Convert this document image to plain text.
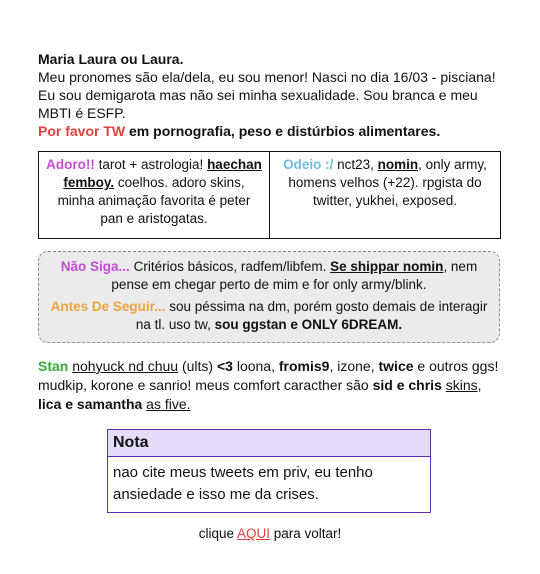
Maria Laura ou Laura.

Meu pronomes são ela/dela, eu sou menor! Nasci no dia 16/03 - pisciana! Eu sou demigarota mas não sei minha sexualidade. Sou branca e meu MBTI é ESFP.

Por favor TW em pornografia, peso e distúrbios alimentares.

Adoro!! tarot + astrologia! haechan femboy. coelhos. adoro skins, minha animação favorita é peter pan e aristogatas.
Odeio :/ nct23, nomin, only army, homens velhos (+22). rpgista do twitter, yukhei, exposed.

Não Siga... Critérios básicos, radfem/libfem. Se shippar nomin, nem pense em chegar perto de mim e for only army/blink.

Antes De Seguir... sou péssima na dm, porém gosto demais de interagir na tl. uso tw, sou ggstan e ONLY 6DREAM.

Stan nohyuck nd chuu (ults) <3 loona, fromis9, izone, twice e outros ggs! mudkip, korone e sanrio! meus comfort caracther são sid e chris skins, lica e samantha as five.
Nota
nao cite meus tweets em priv, eu tenho ansiedade e isso me da crises.
clique AQUI para voltar!
